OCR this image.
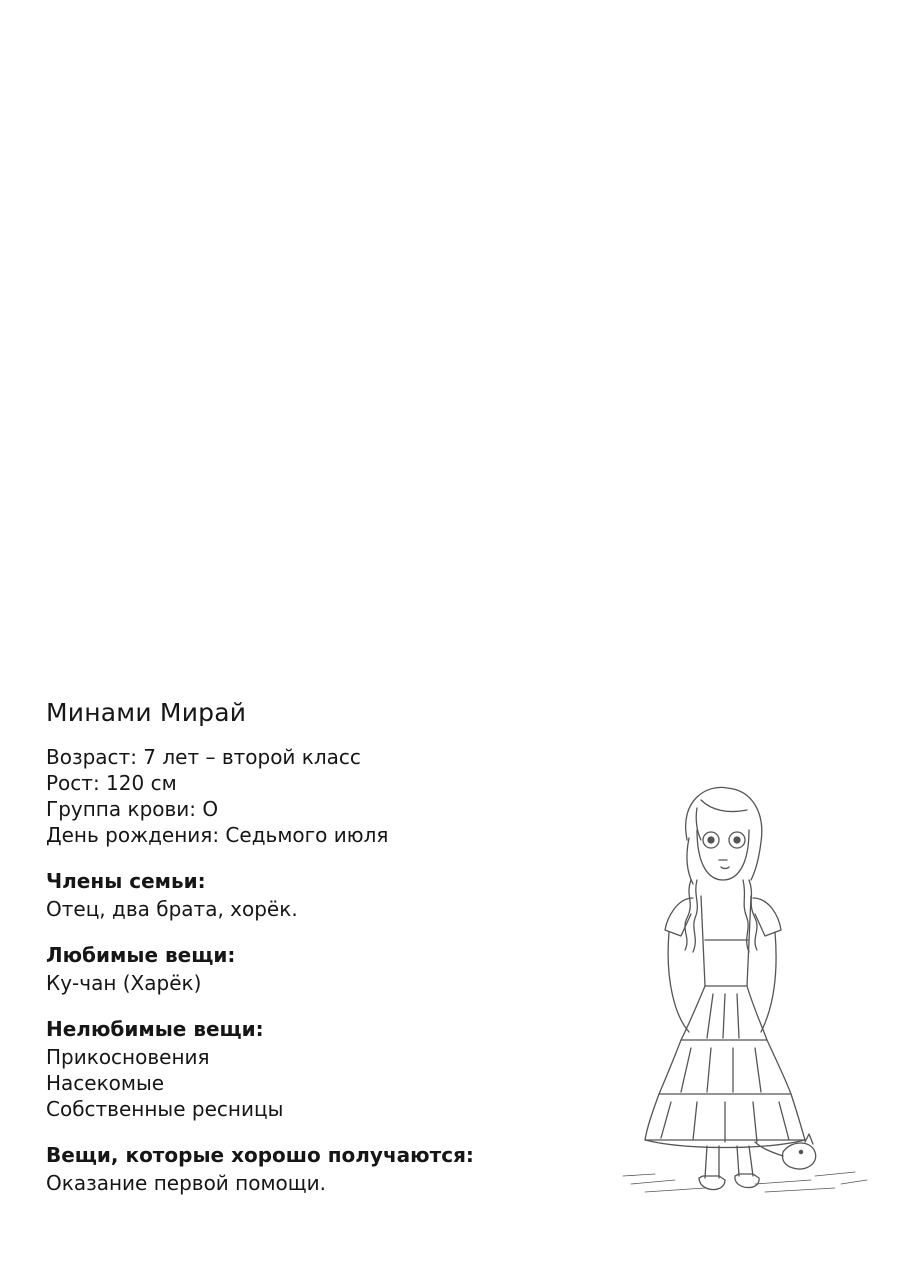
Минами Мирай

Возраст: 7 лет – второй класс

Рост: 120 см

Группа крови: О

День рождения: Седьмого июля

Члены семьи:

Отец, два брата, хорёк.

Любимые вещи:

Ку-чан (Харёк)

Нелюбимые вещи:

Прикосновения

Насекомые

Собственные ресницы

Вещи, которые хорошо получаются:

Оказание первой помощи.
